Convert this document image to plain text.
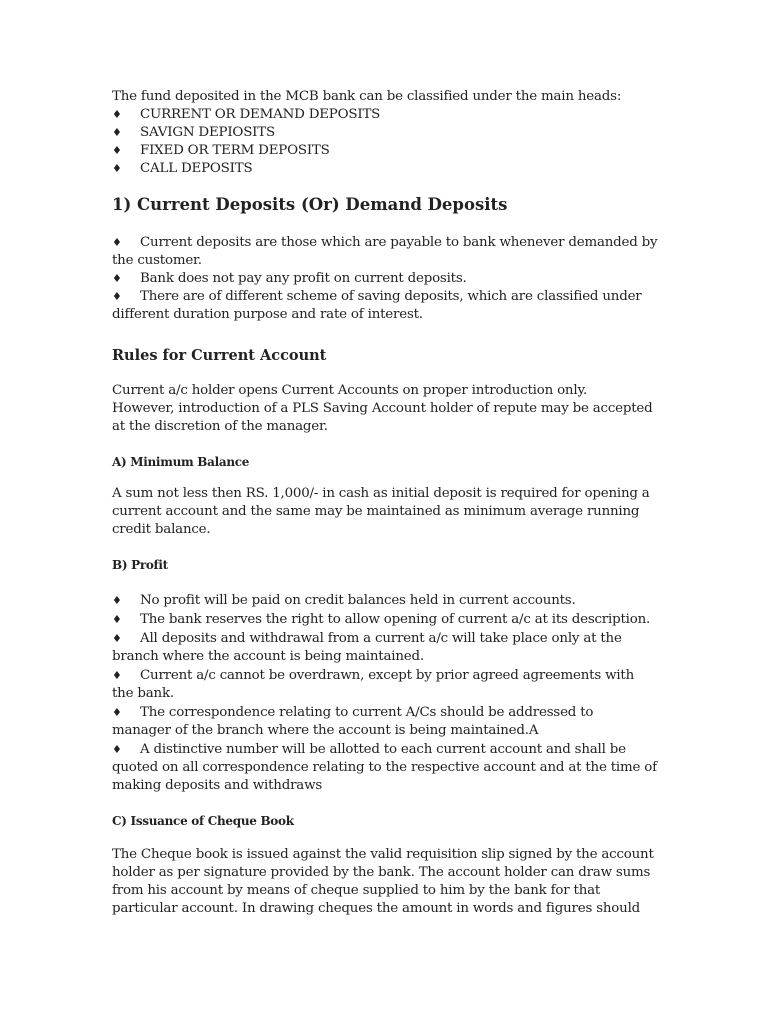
The fund deposited in the MCB bank can be classified under the main heads:
♦ CURRENT OR DEMAND DEPOSITS
♦ SAVIGN DEPIOSITS
♦ FIXED OR TERM DEPOSITS
♦ CALL DEPOSITS
1) Current Deposits (Or) Demand Deposits
♦ Current deposits are those which are payable to bank whenever demanded by
the customer.
♦ Bank does not pay any profit on current deposits.
♦ There are of different scheme of saving deposits, which are classified under
different duration purpose and rate of interest.
Rules for Current Account
Current a/c holder opens Current Accounts on proper introduction only.
However, introduction of a PLS Saving Account holder of repute may be accepted
at the discretion of the manager.
A) Minimum Balance
A sum not less then RS. 1,000/- in cash as initial deposit is required for opening a
current account and the same may be maintained as minimum average running
credit balance.
B) Profit
♦ No profit will be paid on credit balances held in current accounts.
♦ The bank reserves the right to allow opening of current a/c at its description.
♦ All deposits and withdrawal from a current a/c will take place only at the
branch where the account is being maintained.
♦ Current a/c cannot be overdrawn, except by prior agreed agreements with
the bank.
♦ The correspondence relating to current A/Cs should be addressed to
manager of the branch where the account is being maintained.A
♦ A distinctive number will be allotted to each current account and shall be
quoted on all correspondence relating to the respective account and at the time of
making deposits and withdraws
C) Issuance of Cheque Book
The Cheque book is issued against the valid requisition slip signed by the account
holder as per signature provided by the bank. The account holder can draw sums
from his account by means of cheque supplied to him by the bank for that
particular account. In drawing cheques the amount in words and figures should
